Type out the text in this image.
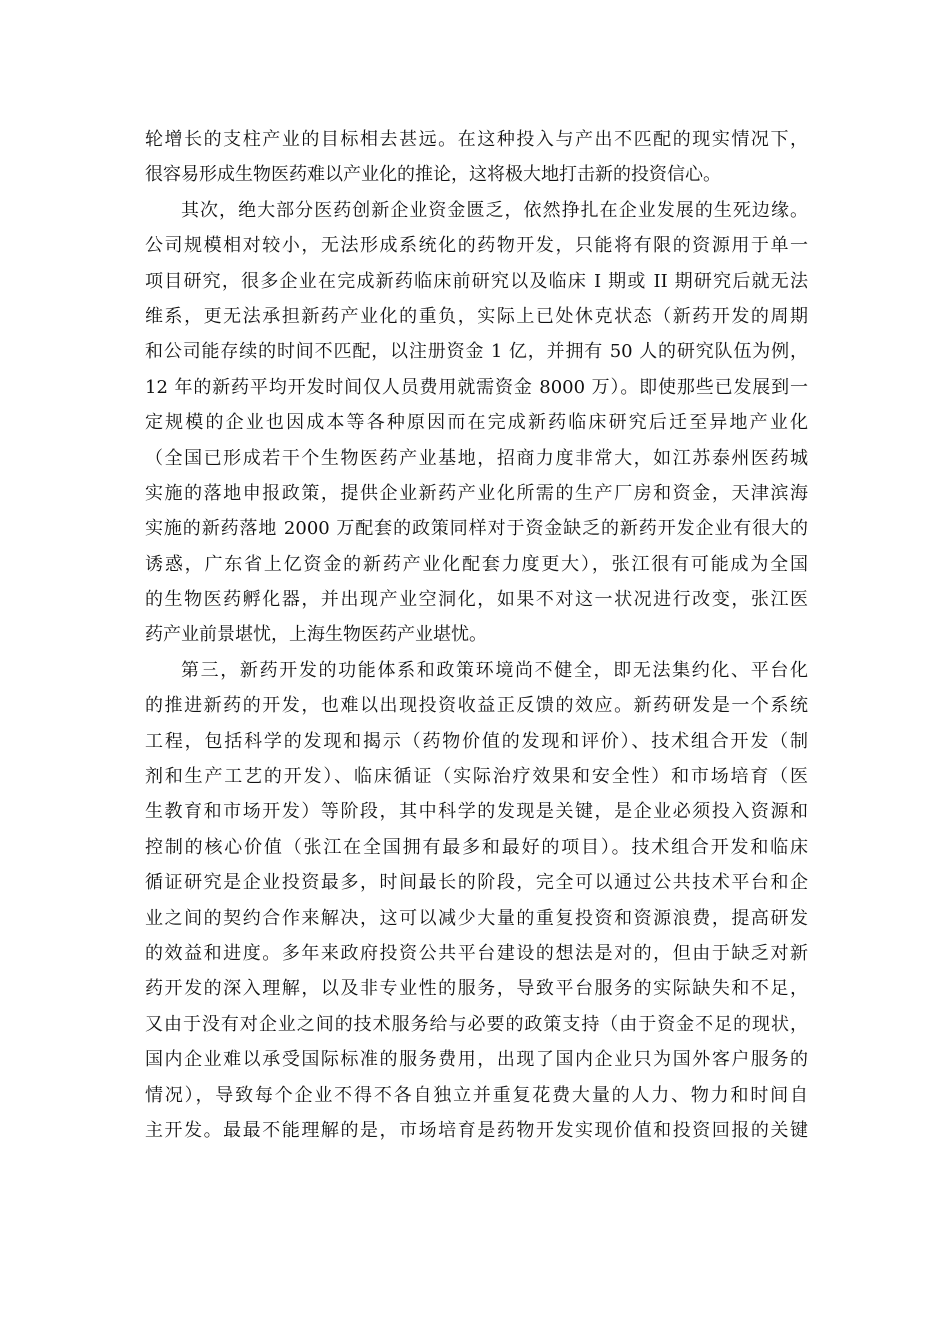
轮增长的支柱产业的目标相去甚远。在这种投入与产出不匹配的现实情况下，
很容易形成生物医药难以产业化的推论，这将极大地打击新的投资信心。
其次，绝大部分医药创新企业资金匮乏，依然挣扎在企业发展的生死边缘。
公司规模相对较小，无法形成系统化的药物开发，只能将有限的资源用于单一
项目研究，很多企业在完成新药临床前研究以及临床 I 期或 II 期研究后就无法
维系，更无法承担新药产业化的重负，实际上已处休克状态（新药开发的周期
和公司能存续的时间不匹配，以注册资金 1 亿，并拥有 50 人的研究队伍为例，
12 年的新药平均开发时间仅人员费用就需资金 8000 万）。即使那些已发展到一
定规模的企业也因成本等各种原因而在完成新药临床研究后迁至异地产业化
（全国已形成若干个生物医药产业基地，招商力度非常大，如江苏泰州医药城
实施的落地申报政策，提供企业新药产业化所需的生产厂房和资金，天津滨海
实施的新药落地 2000 万配套的政策同样对于资金缺乏的新药开发企业有很大的
诱惑，广东省上亿资金的新药产业化配套力度更大），张江很有可能成为全国
的生物医药孵化器，并出现产业空洞化，如果不对这一状况进行改变，张江医
药产业前景堪忧，上海生物医药产业堪忧。
第三，新药开发的功能体系和政策环境尚不健全，即无法集约化、平台化
的推进新药的开发，也难以出现投资收益正反馈的效应。新药研发是一个系统
工程，包括科学的发现和揭示（药物价值的发现和评价）、技术组合开发（制
剂和生产工艺的开发）、临床循证（实际治疗效果和安全性）和市场培育（医
生教育和市场开发）等阶段，其中科学的发现是关键，是企业必须投入资源和
控制的核心价值（张江在全国拥有最多和最好的项目）。技术组合开发和临床
循证研究是企业投资最多，时间最长的阶段，完全可以通过公共技术平台和企
业之间的契约合作来解决，这可以减少大量的重复投资和资源浪费，提高研发
的效益和进度。多年来政府投资公共平台建设的想法是对的，但由于缺乏对新
药开发的深入理解，以及非专业性的服务，导致平台服务的实际缺失和不足，
又由于没有对企业之间的技术服务给与必要的政策支持（由于资金不足的现状，
国内企业难以承受国际标准的服务费用，出现了国内企业只为国外客户服务的
情况），导致每个企业不得不各自独立并重复花费大量的人力、物力和时间自
主开发。最最不能理解的是，市场培育是药物开发实现价值和投资回报的关键
